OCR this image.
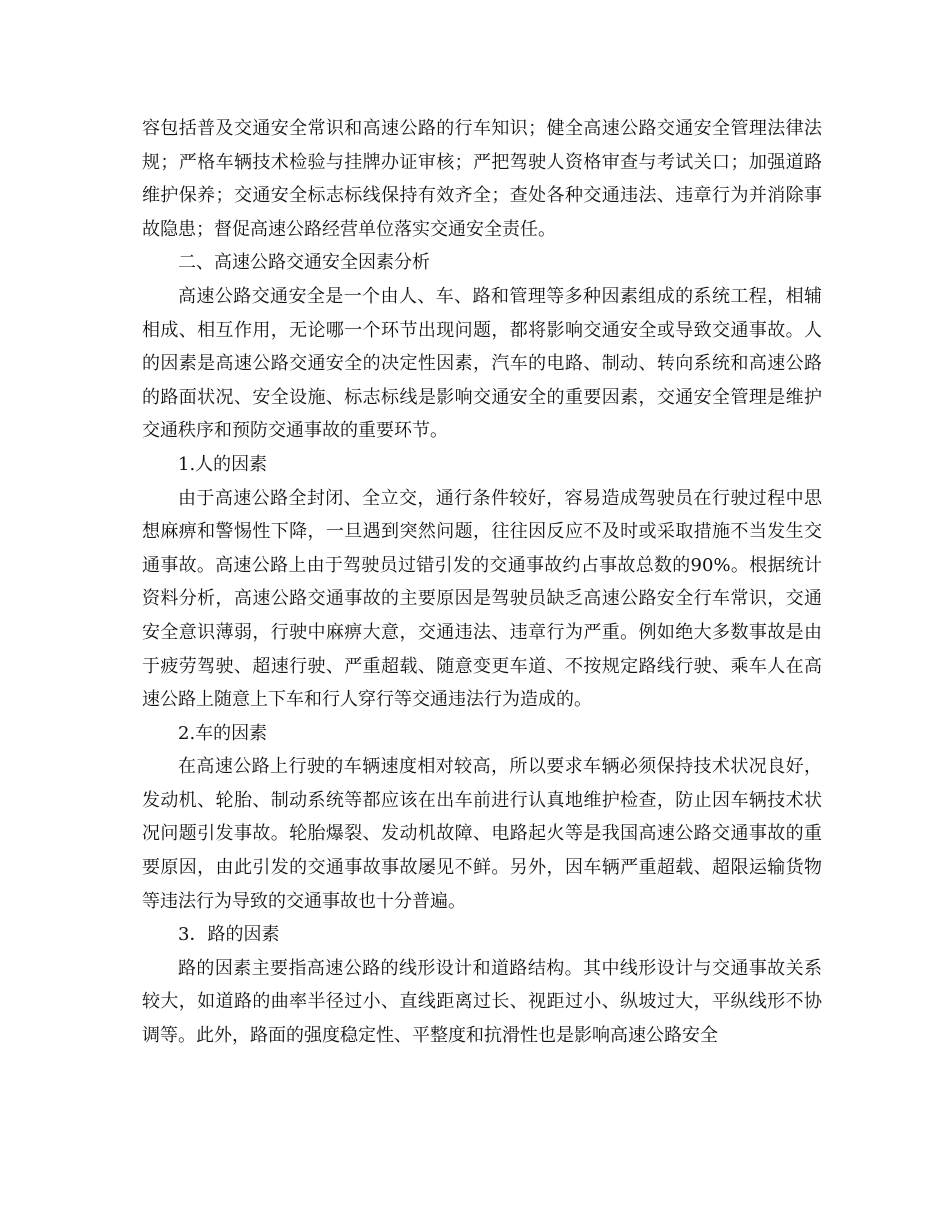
容包括普及交通安全常识和高速公路的行车知识；健全高速公路交通安全管理法律法规；严格车辆技术检验与挂牌办证审核；严把驾驶人资格审查与考试关口；加强道路维护保养；交通安全标志标线保持有效齐全；查处各种交通违法、违章行为并消除事故隐患；督促高速公路经营单位落实交通安全责任。

二、高速公路交通安全因素分析

高速公路交通安全是一个由人、车、路和管理等多种因素组成的系统工程，相辅相成、相互作用，无论哪一个环节出现问题，都将影响交通安全或导致交通事故。人的因素是高速公路交通安全的决定性因素，汽车的电路、制动、转向系统和高速公路的路面状况、安全设施、标志标线是影响交通安全的重要因素，交通安全管理是维护交通秩序和预防交通事故的重要环节。

1.人的因素

由于高速公路全封闭、全立交，通行条件较好，容易造成驾驶员在行驶过程中思想麻痹和警惕性下降，一旦遇到突然问题，往往因反应不及时或采取措施不当发生交通事故。高速公路上由于驾驶员过错引发的交通事故约占事故总数的90%。根据统计资料分析，高速公路交通事故的主要原因是驾驶员缺乏高速公路安全行车常识，交通安全意识薄弱，行驶中麻痹大意，交通违法、违章行为严重。例如绝大多数事故是由于疲劳驾驶、超速行驶、严重超载、随意变更车道、不按规定路线行驶、乘车人在高速公路上随意上下车和行人穿行等交通违法行为造成的。

2.车的因素

在高速公路上行驶的车辆速度相对较高，所以要求车辆必须保持技术状况良好，发动机、轮胎、制动系统等都应该在出车前进行认真地维护检查，防止因车辆技术状况问题引发事故。轮胎爆裂、发动机故障、电路起火等是我国高速公路交通事故的重要原因，由此引发的交通事故事故屡见不鲜。另外，因车辆严重超载、超限运输货物等违法行为导致的交通事故也十分普遍。

3．路的因素

路的因素主要指高速公路的线形设计和道路结构。其中线形设计与交通事故关系较大，如道路的曲率半径过小、直线距离过长、视距过小、纵坡过大，平纵线形不协调等。此外，路面的强度稳定性、平整度和抗滑性也是影响高速公路安全
